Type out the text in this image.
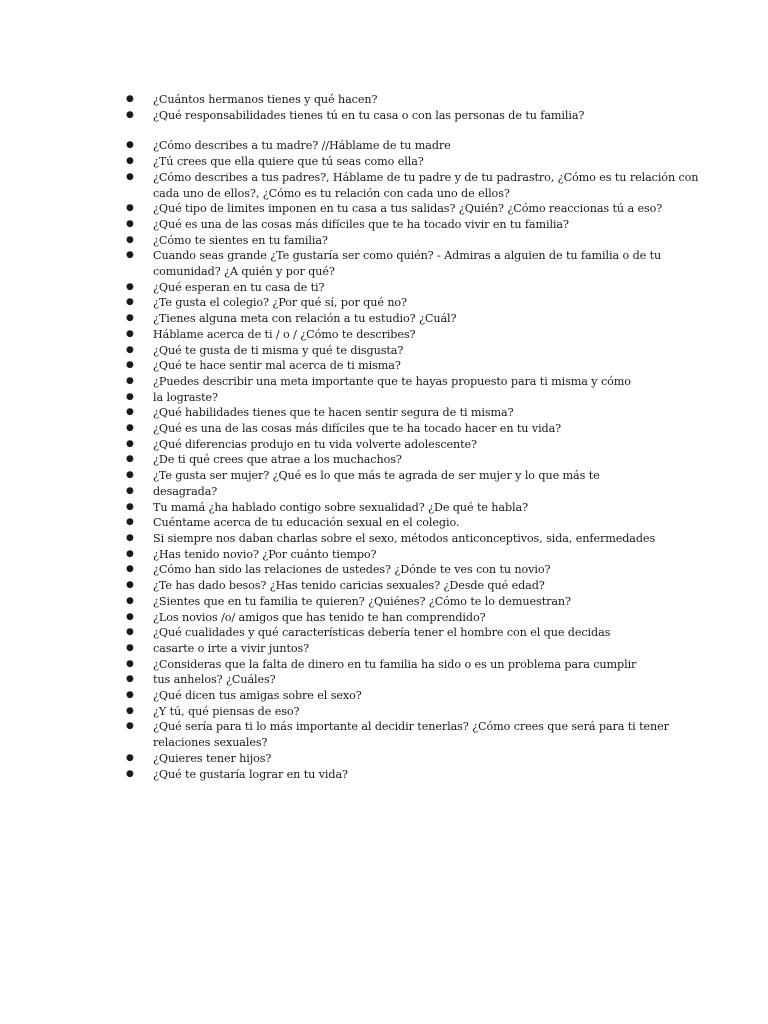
● ¿Cuántos hermanos tienes y qué hacen?
● ¿Qué responsabilidades tienes tú en tu casa o con las personas de tu familia?
● ¿Cómo describes a tu madre? //Háblame de tu madre
● ¿Tú crees que ella quiere que tú seas como ella?
● ¿Cómo describes a tus padres?, Háblame de tu padre y de tu padrastro, ¿Cómo es tu relación con
cada uno de ellos?, ¿Cómo es tu relación con cada uno de ellos?
● ¿Qué tipo de limites imponen en tu casa a tus salidas? ¿Quién? ¿Cómo reaccionas tú a eso?
● ¿Qué es una de las cosas más difíciles que te ha tocado vivir en tu familia?
● ¿Cómo te sientes en tu familia?
● Cuando seas grande ¿Te gustaría ser como quién? - Admiras a alguien de tu familia o de tu
comunidad? ¿A quién y por qué?
● ¿Qué esperan en tu casa de ti?
● ¿Te gusta el colegio? ¿Por qué sí, por qué no?
● ¿Tienes alguna meta con relación a tu estudio? ¿Cuál?
● Háblame acerca de ti / o / ¿Cómo te describes?
● ¿Qué te gusta de ti misma y qué te disgusta?
● ¿Qué te hace sentir mal acerca de ti misma?
● ¿Puedes describir una meta importante que te hayas propuesto para ti misma y cómo
● la lograste?
● ¿Qué habilidades tienes que te hacen sentir segura de ti misma?
● ¿Qué es una de las cosas más difíciles que te ha tocado hacer en tu vida?
● ¿Qué diferencias produjo en tu vida volverte adolescente?
● ¿De ti qué crees que atrae a los muchachos?
● ¿Te gusta ser mujer? ¿Qué es lo que más te agrada de ser mujer y lo que más te
● desagrada?
● Tu mamá ¿ha hablado contigo sobre sexualidad? ¿De qué te habla?
● Cuéntame acerca de tu educación sexual en el colegio.
● Si siempre nos daban charlas sobre el sexo, métodos anticonceptivos, sida, enfermedades
● ¿Has tenido novio? ¿Por cuánto tiempo?
● ¿Cómo han sido las relaciones de ustedes? ¿Dónde te ves con tu novio?
● ¿Te has dado besos? ¿Has tenido caricias sexuales? ¿Desde qué edad?
● ¿Sientes que en tu familia te quieren? ¿Quiénes? ¿Cómo te lo demuestran?
● ¿Los novios /o/ amigos que has tenido te han comprendido?
● ¿Qué cualidades y qué características debería tener el hombre con el que decidas
● casarte o irte a vivir juntos?
● ¿Consideras que la falta de dinero en tu familia ha sido o es un problema para cumplir
● tus anhelos? ¿Cuáles?
● ¿Qué dicen tus amigas sobre el sexo?
● ¿Y tú, qué piensas de eso?
● ¿Qué sería para ti lo más importante al decidir tenerlas? ¿Cómo crees que será para ti tener
relaciones sexuales?
● ¿Quieres tener hijos?
● ¿Qué te gustaría lograr en tu vida?
